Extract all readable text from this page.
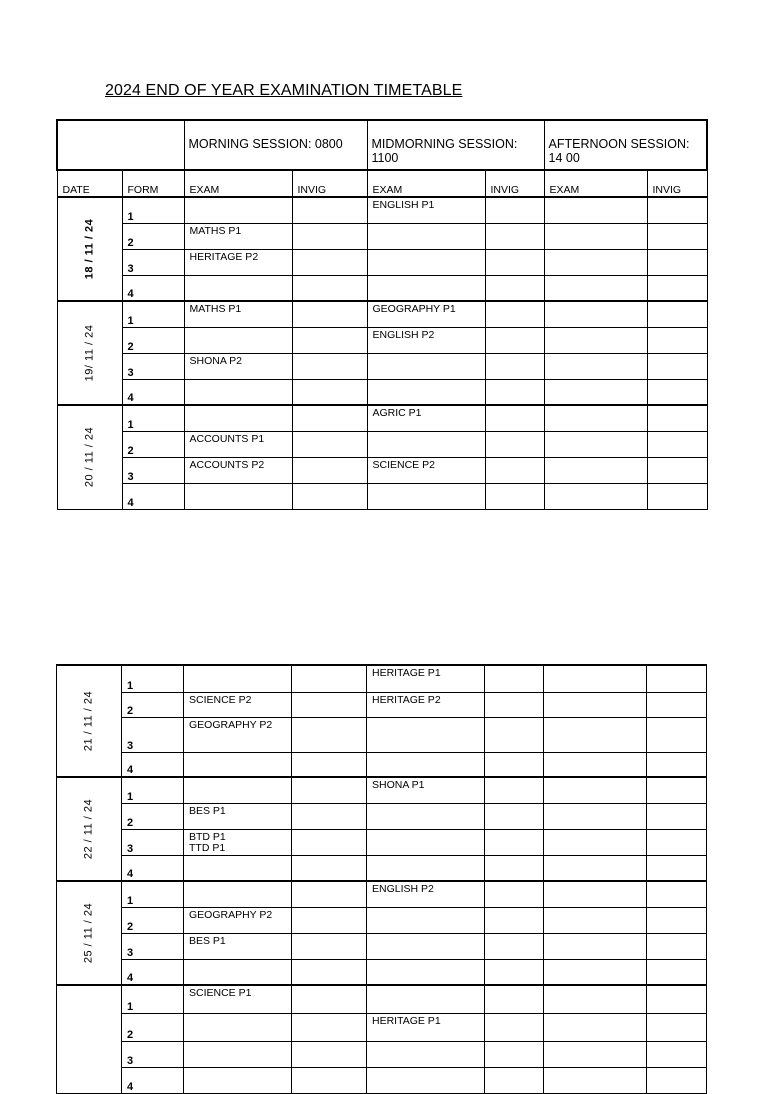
2024 END OF YEAR EXAMINATION TIMETABLE
		MORNING SESSION: 0800		MIDMORNING SESSION: 1100		AFTERNOON SESSION: 14 00	
DATE	FORM	EXAM	INVIG	EXAM	INVIG	EXAM	INVIG

18 / 11 / 24	1			ENGLISH P1			
	2	MATHS P1					
	3	HERITAGE P2					
	4						

19/ 11 / 24	1	MATHS P1		GEOGRAPHY P1			
	2			ENGLISH P2			
	3	SHONA P2					
	4						

20 / 11 / 24	1			AGRIC P1			
	2	ACCOUNTS P1					
	3	ACCOUNTS P2		SCIENCE P2			
	4						
21 / 11 / 24	1			HERITAGE P1			
	2	SCIENCE P2		HERITAGE P2			
	3	GEOGRAPHY P2					
	4						

22 / 11 / 24	1			SHONA P1			
	2	BES P1					
	3	BTD P1
TTD P1					
	4						

25 / 11 / 24	1			ENGLISH P2			
	2	GEOGRAPHY P2					
	3	BES P1					
	4						

	1	SCIENCE P1					
	2			HERITAGE P1			
	3						
	4						
